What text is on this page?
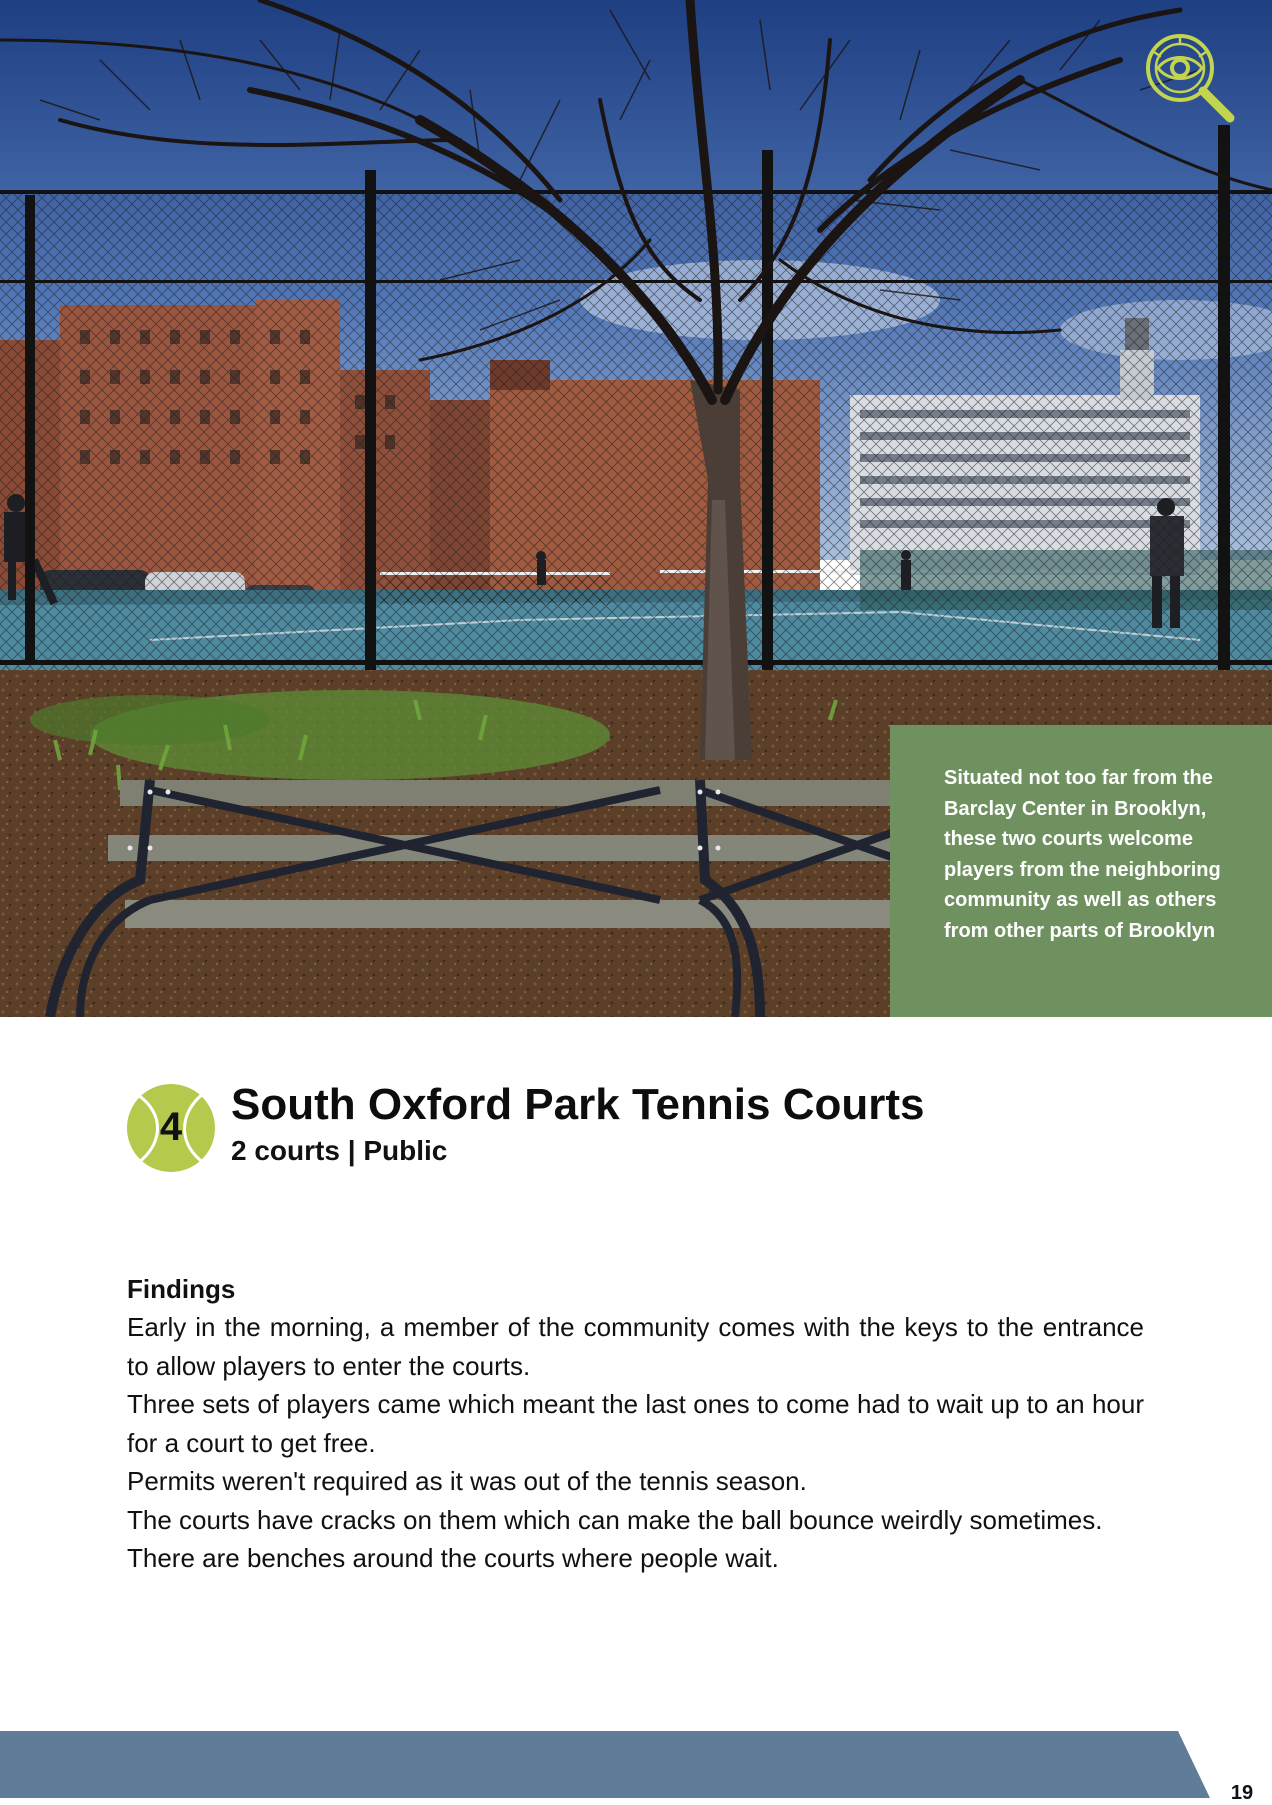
Situated not too far from the Barclay Center in Brooklyn, these two courts welcome players from the neighboring community as well as others from other parts of Brooklyn

4	South Oxford Park Tennis Courts

2 courts | Public

Findings

Early in the morning, a member of the community comes with the keys to the entrance to allow players to enter the courts.

Three sets of players came which meant the last ones to come had to wait up to an hour for a court to get free.

Permits weren't required as it was out of the tennis season.

The courts have cracks on them which can make the ball bounce weirdly sometimes.

There are benches around the courts where people wait.

19
